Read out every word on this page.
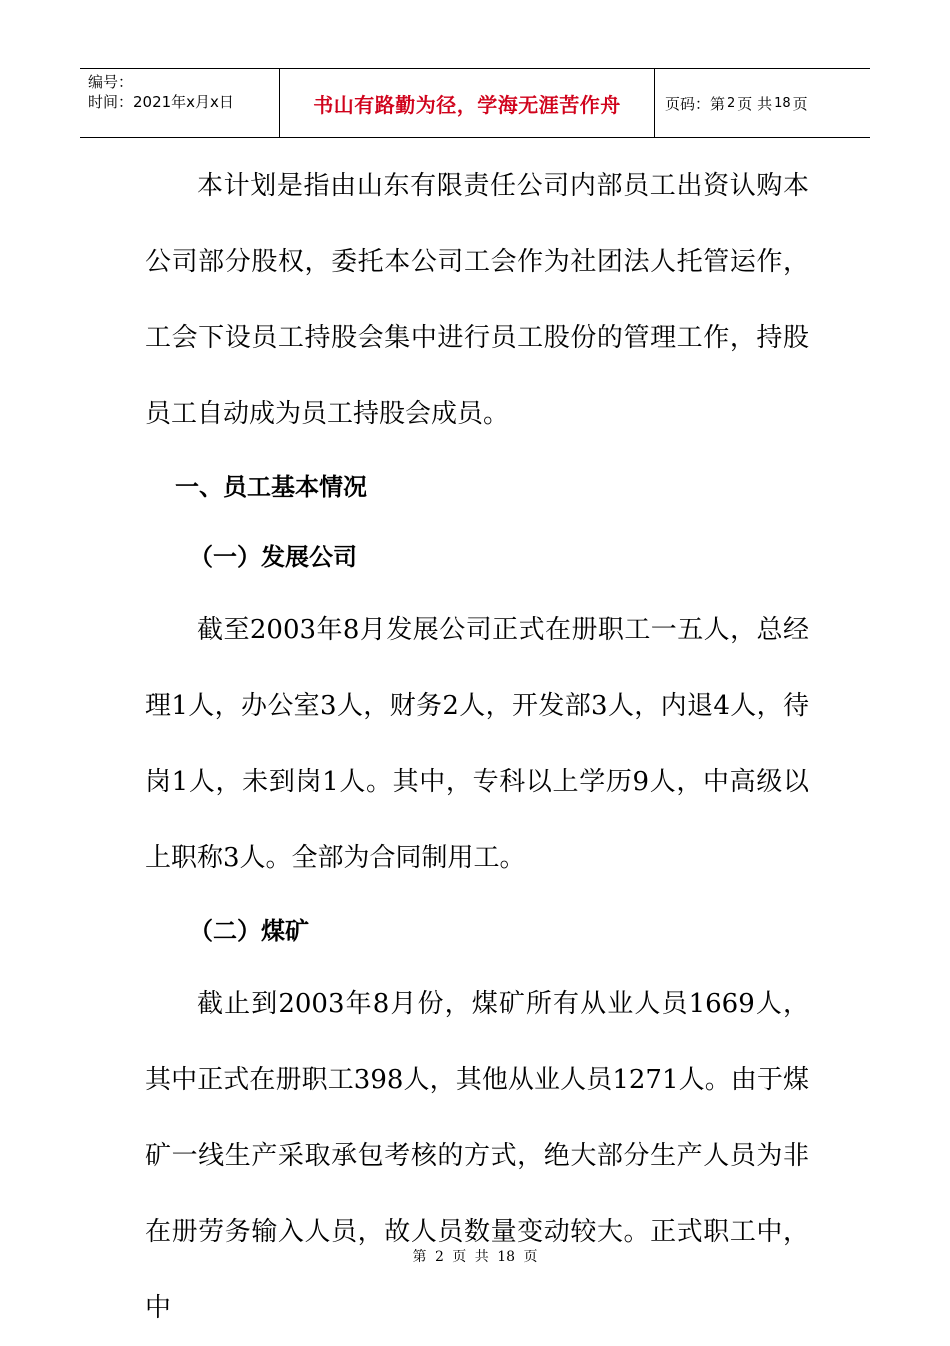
编号：
时间：2021年x月x日	书山有路勤为径，学海无涯苦作舟	页码：第 2 页 共 18 页

本计划是指由山东有限责任公司内部员工出资认购本公司部分股权，委托本公司工会作为社团法人托管运作，工会下设员工持股会集中进行员工股份的管理工作，持股员工自动成为员工持股会成员。

一、员工基本情况

（一）发展公司

截至2003年8月发展公司正式在册职工一五人，总经理1人，办公室3人，财务2人，开发部3人，内退4人，待岗1人，未到岗1人。其中，专科以上学历9人，中高级以上职称3人。全部为合同制用工。

（二）煤矿

截止到2003年8月份，煤矿所有从业人员1669人，其中正式在册职工398人，其他从业人员1271人。由于煤矿一线生产采取承包考核的方式，绝大部分生产人员为非在册劳务输入人员，故人员数量变动较大。正式职工中，中

第 2 页 共 18 页
